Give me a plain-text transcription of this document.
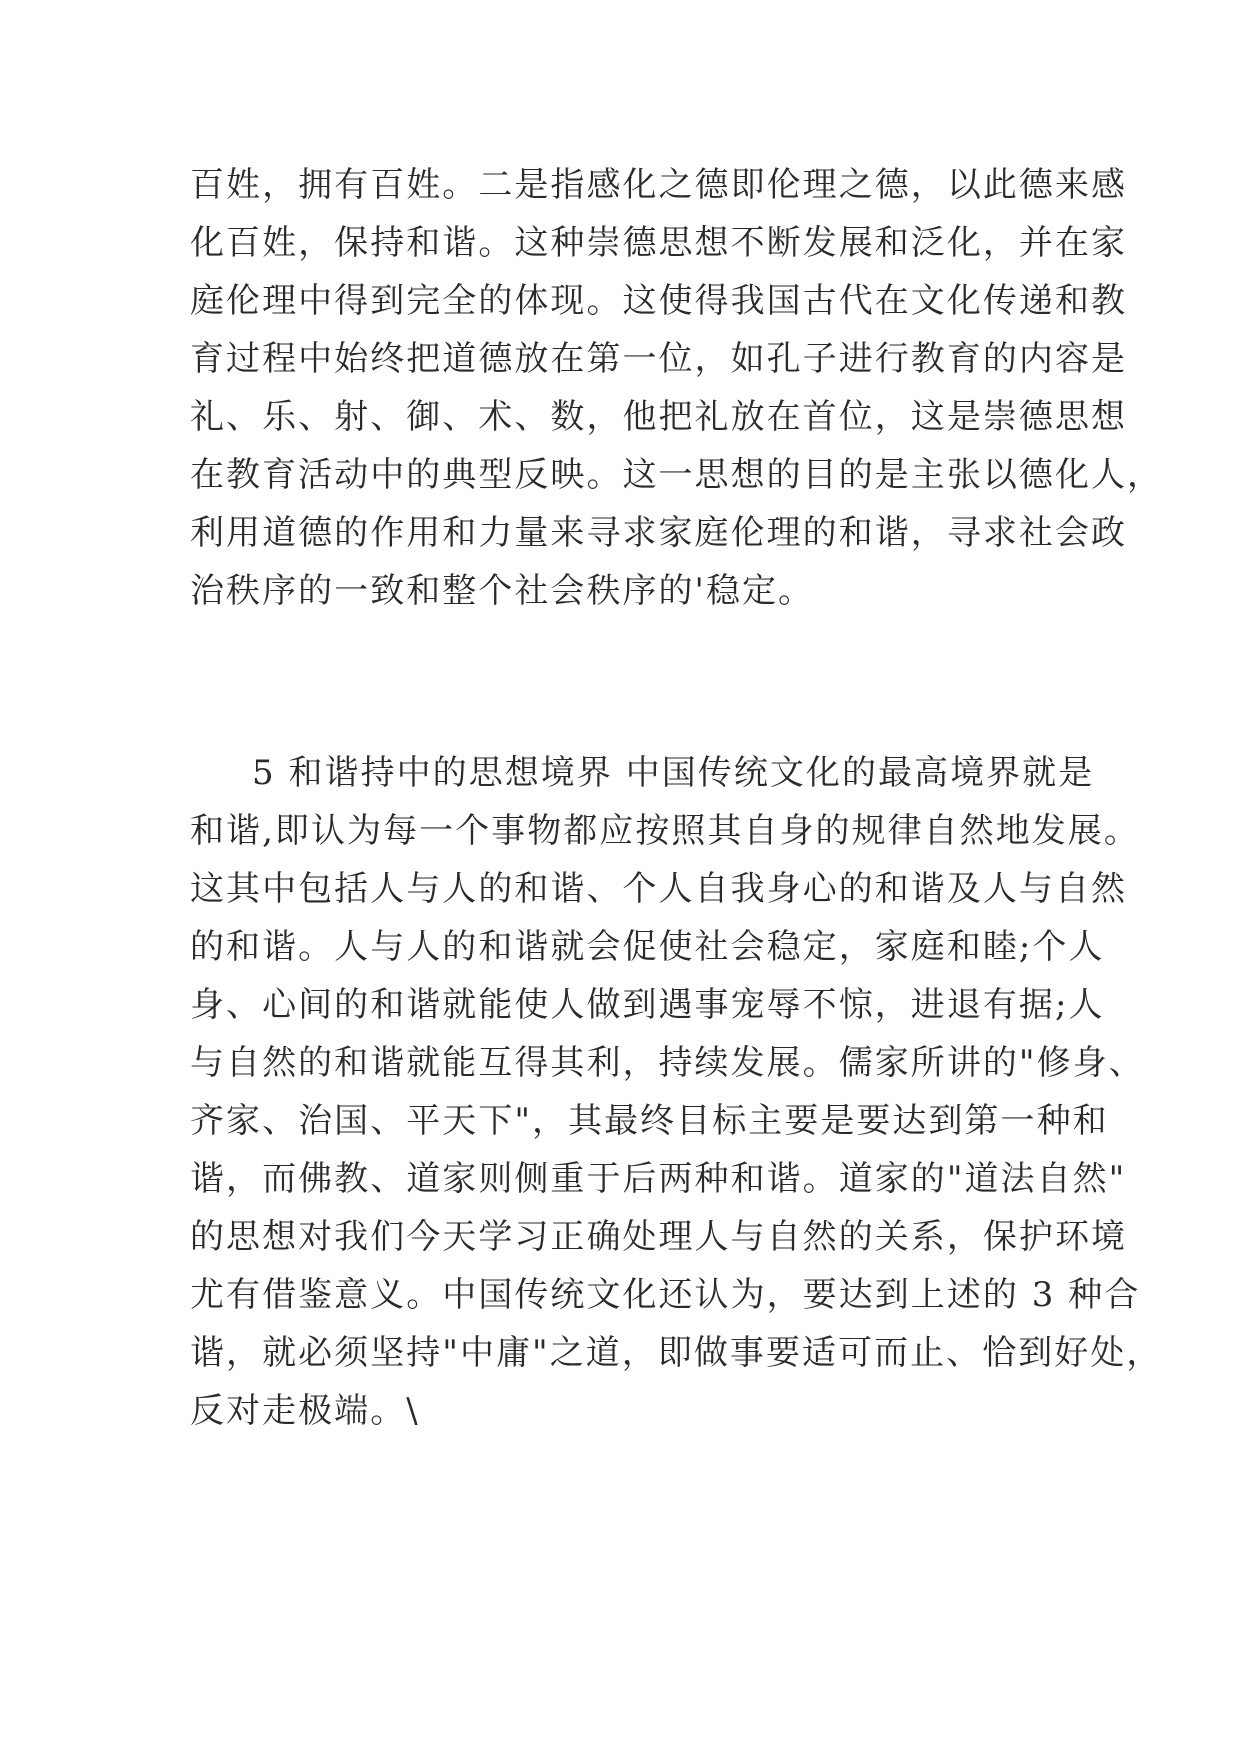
百姓，拥有百姓。二是指感化之德即伦理之德，以此德来感
化百姓，保持和谐。这种崇德思想不断发展和泛化，并在家
庭伦理中得到完全的体现。这使得我国古代在文化传递和教
育过程中始终把道德放在第一位，如孔子进行教育的内容是
礼、乐、射、御、术、数，他把礼放在首位，这是崇德思想
在教育活动中的典型反映。这一思想的目的是主张以德化人，
利用道德的作用和力量来寻求家庭伦理的和谐，寻求社会政
治秩序的一致和整个社会秩序的'稳定。
5 和谐持中的思想境界 中国传统文化的最高境界就是
和谐,即认为每一个事物都应按照其自身的规律自然地发展。
这其中包括人与人的和谐、个人自我身心的和谐及人与自然
的和谐。人与人的和谐就会促使社会稳定，家庭和睦;个人
身、心间的和谐就能使人做到遇事宠辱不惊，进退有据;人
与自然的和谐就能互得其利，持续发展。儒家所讲的"修身、
齐家、治国、平天下"，其最终目标主要是要达到第一种和
谐，而佛教、道家则侧重于后两种和谐。道家的"道法自然"
的思想对我们今天学习正确处理人与自然的关系，保护环境
尤有借鉴意义。中国传统文化还认为，要达到上述的 3 种合
谐，就必须坚持"中庸"之道，即做事要适可而止、恰到好处，
反对走极端。\
